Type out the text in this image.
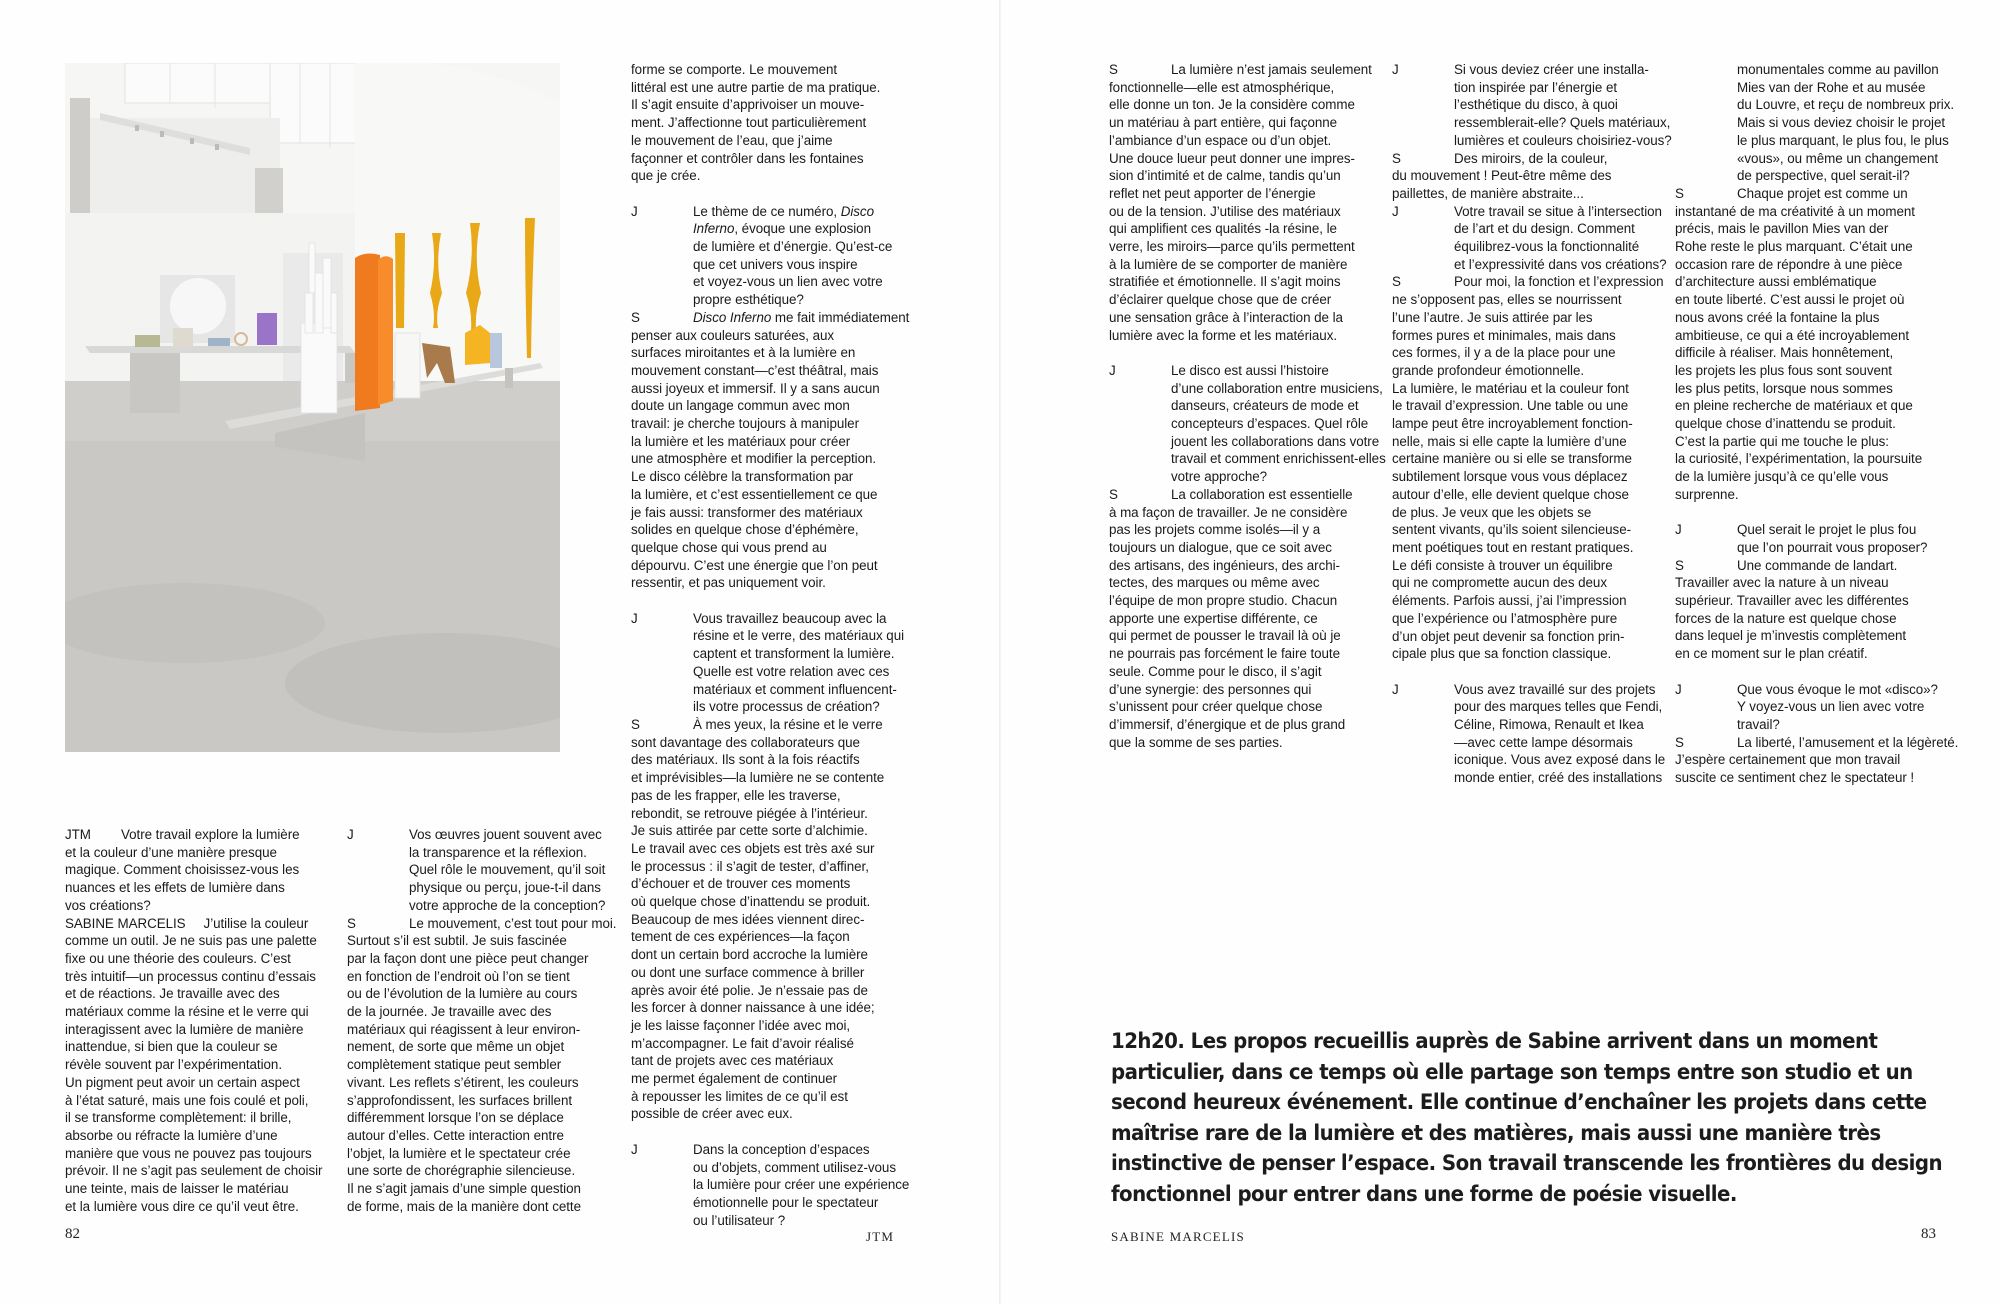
JTM Votre travail explore la lumière
et la couleur d’une manière presque
magique. Comment choisissez-vous les
nuances et les effets de lumière dans
vos créations?
SABINE MARCELIS J’utilise la couleur
comme un outil. Je ne suis pas une palette
fixe ou une théorie des couleurs. C’est
très intuitif—un processus continu d’essais
et de réactions. Je travaille avec des
matériaux comme la résine et le verre qui
interagissent avec la lumière de manière
inattendue, si bien que la couleur se
révèle souvent par l’expérimentation.
Un pigment peut avoir un certain aspect
à l’état saturé, mais une fois coulé et poli,
il se transforme complètement: il brille,
absorbe ou réfracte la lumière d’une
manière que vous ne pouvez pas toujours
prévoir. Il ne s’agit pas seulement de choisir
une teinte, mais de laisser le matériau
et la lumière vous dire ce qu’il veut être.
J	Vos œuvres jouent souvent avec
la transparence et la réflexion.
Quel rôle le mouvement, qu’il soit
physique ou perçu, joue-t-il dans
votre approche de la conception?
S	Le mouvement, c’est tout pour moi.
Surtout s’il est subtil. Je suis fascinée
par la façon dont une pièce peut changer
en fonction de l’endroit où l’on se tient
ou de l’évolution de la lumière au cours
de la journée. Je travaille avec des
matériaux qui réagissent à leur environ-
nement, de sorte que même un objet
complètement statique peut sembler
vivant. Les reflets s’étirent, les couleurs
s’approfondissent, les surfaces brillent
différemment lorsque l’on se déplace
autour d’elles. Cette interaction entre
l’objet, la lumière et le spectateur crée
une sorte de chorégraphie silencieuse.
Il ne s’agit jamais d’une simple question
de forme, mais de la manière dont cette
forme se comporte. Le mouvement
littéral est une autre partie de ma pratique.
Il s’agit ensuite d’apprivoiser un mouve-
ment. J’affectionne tout particulièrement
le mouvement de l’eau, que j’aime
façonner et contrôler dans les fontaines
que je crée.
J	Le thème de ce numéro, Disco
Inferno, évoque une explosion
de lumière et d’énergie. Qu’est-ce
que cet univers vous inspire
et voyez-vous un lien avec votre
propre esthétique?
S	Disco Inferno me fait immédiatement
penser aux couleurs saturées, aux
surfaces miroitantes et à la lumière en
mouvement constant—c’est théâtral, mais
aussi joyeux et immersif. Il y a sans aucun
doute un langage commun avec mon
travail: je cherche toujours à manipuler
la lumière et les matériaux pour créer
une atmosphère et modifier la perception.
Le disco célèbre la transformation par
la lumière, et c’est essentiellement ce que
je fais aussi: transformer des matériaux
solides en quelque chose d’éphémère,
quelque chose qui vous prend au
dépourvu. C’est une énergie que l’on peut
ressentir, et pas uniquement voir.
J	Vous travaillez beaucoup avec la
résine et le verre, des matériaux qui
captent et transforment la lumière.
Quelle est votre relation avec ces
matériaux et comment influencent-
ils votre processus de création?
S	À mes yeux, la résine et le verre
sont davantage des collaborateurs que
des matériaux. Ils sont à la fois réactifs
et imprévisibles—la lumière ne se contente
pas de les frapper, elle les traverse,
rebondit, se retrouve piégée à l’intérieur.
Je suis attirée par cette sorte d’alchimie.
Le travail avec ces objets est très axé sur
le processus : il s’agit de tester, d’affiner,
d’échouer et de trouver ces moments
où quelque chose d’inattendu se produit.
Beaucoup de mes idées viennent direc-
tement de ces expériences—la façon
dont un certain bord accroche la lumière
ou dont une surface commence à briller
après avoir été polie. Je n’essaie pas de
les forcer à donner naissance à une idée;
je les laisse façonner l’idée avec moi,
m’accompagner. Le fait d’avoir réalisé
tant de projets avec ces matériaux
me permet également de continuer
à repousser les limites de ce qu’il est
possible de créer avec eux.
J	Dans la conception d’espaces
ou d’objets, comment utilisez-vous
la lumière pour créer une expérience
émotionnelle pour le spectateur
ou l’utilisateur ?
82	JTM
S	La lumière n’est jamais seulement
fonctionnelle—elle est atmosphérique,
elle donne un ton. Je la considère comme
un matériau à part entière, qui façonne
l’ambiance d’un espace ou d’un objet.
Une douce lueur peut donner une impres-
sion d’intimité et de calme, tandis qu’un
reflet net peut apporter de l’énergie
ou de la tension. J’utilise des matériaux
qui amplifient ces qualités -la résine, le
verre, les miroirs—parce qu’ils permettent
à la lumière de se comporter de manière
stratifiée et émotionnelle. Il s’agit moins
d’éclairer quelque chose que de créer
une sensation grâce à l’interaction de la
lumière avec la forme et les matériaux.
J	Le disco est aussi l’histoire
d’une collaboration entre musiciens,
danseurs, créateurs de mode et
concepteurs d’espaces. Quel rôle
jouent les collaborations dans votre
travail et comment enrichissent-elles
votre approche?
S	La collaboration est essentielle
à ma façon de travailler. Je ne considère
pas les projets comme isolés—il y a
toujours un dialogue, que ce soit avec
des artisans, des ingénieurs, des archi-
tectes, des marques ou même avec
l’équipe de mon propre studio. Chacun
apporte une expertise différente, ce
qui permet de pousser le travail là où je
ne pourrais pas forcément le faire toute
seule. Comme pour le disco, il s’agit
d’une synergie: des personnes qui
s’unissent pour créer quelque chose
d’immersif, d’énergique et de plus grand
que la somme de ses parties.
J	Si vous deviez créer une installa-
tion inspirée par l’énergie et
l’esthétique du disco, à quoi
ressemblerait-elle? Quels matériaux,
lumières et couleurs choisiriez-vous?
S	Des miroirs, de la couleur,
du mouvement ! Peut-être même des
paillettes, de manière abstraite...
J	Votre travail se situe à l’intersection
de l’art et du design. Comment
équilibrez-vous la fonctionnalité
et l’expressivité dans vos créations?
S	Pour moi, la fonction et l’expression
ne s’opposent pas, elles se nourrissent
l’une l’autre. Je suis attirée par les
formes pures et minimales, mais dans
ces formes, il y a de la place pour une
grande profondeur émotionnelle.
La lumière, le matériau et la couleur font
le travail d’expression. Une table ou une
lampe peut être incroyablement fonction-
nelle, mais si elle capte la lumière d’une
certaine manière ou si elle se transforme
subtilement lorsque vous vous déplacez
autour d’elle, elle devient quelque chose
de plus. Je veux que les objets se
sentent vivants, qu’ils soient silencieuse-
ment poétiques tout en restant pratiques.
Le défi consiste à trouver un équilibre
qui ne compromette aucun des deux
éléments. Parfois aussi, j’ai l’impression
que l’expérience ou l’atmosphère pure
d’un objet peut devenir sa fonction prin-
cipale plus que sa fonction classique.
J	Vous avez travaillé sur des projets
pour des marques telles que Fendi,
Céline, Rimowa, Renault et Ikea
—avec cette lampe désormais
iconique. Vous avez exposé dans le
monde entier, créé des installations
monumentales comme au pavillon
Mies van der Rohe et au musée
du Louvre, et reçu de nombreux prix.
Mais si vous deviez choisir le projet
le plus marquant, le plus fou, le plus
«vous», ou même un changement
de perspective, quel serait-il?
S	Chaque projet est comme un
instantané de ma créativité à un moment
précis, mais le pavillon Mies van der
Rohe reste le plus marquant. C’était une
occasion rare de répondre à une pièce
d’architecture aussi emblématique
en toute liberté. C’est aussi le projet où
nous avons créé la fontaine la plus
ambitieuse, ce qui a été incroyablement
difficile à réaliser. Mais honnêtement,
les projets les plus fous sont souvent
les plus petits, lorsque nous sommes
en pleine recherche de matériaux et que
quelque chose d’inattendu se produit.
C’est la partie qui me touche le plus:
la curiosité, l’expérimentation, la poursuite
de la lumière jusqu’à ce qu’elle vous
surprenne.
J	Quel serait le projet le plus fou
que l’on pourrait vous proposer?
S	Une commande de landart.
Travailler avec la nature à un niveau
supérieur. Travailler avec les différentes
forces de la nature est quelque chose
dans lequel je m’investis complètement
en ce moment sur le plan créatif.
J	Que vous évoque le mot «disco»?
Y voyez-vous un lien avec votre
travail?
S	La liberté, l’amusement et la légèreté.
J’espère certainement que mon travail
suscite ce sentiment chez le spectateur !
12h20. Les propos recueillis auprès de Sabine arrivent dans un moment
particulier, dans ce temps où elle partage son temps entre son studio et un
second heureux événement. Elle continue d’enchaîner les projets dans cette
maîtrise rare de la lumière et des matières, mais aussi une manière très
instinctive de penser l’espace. Son travail transcende les frontières du design
fonctionnel pour entrer dans une forme de poésie visuelle.
SABINE MARCELIS	83
